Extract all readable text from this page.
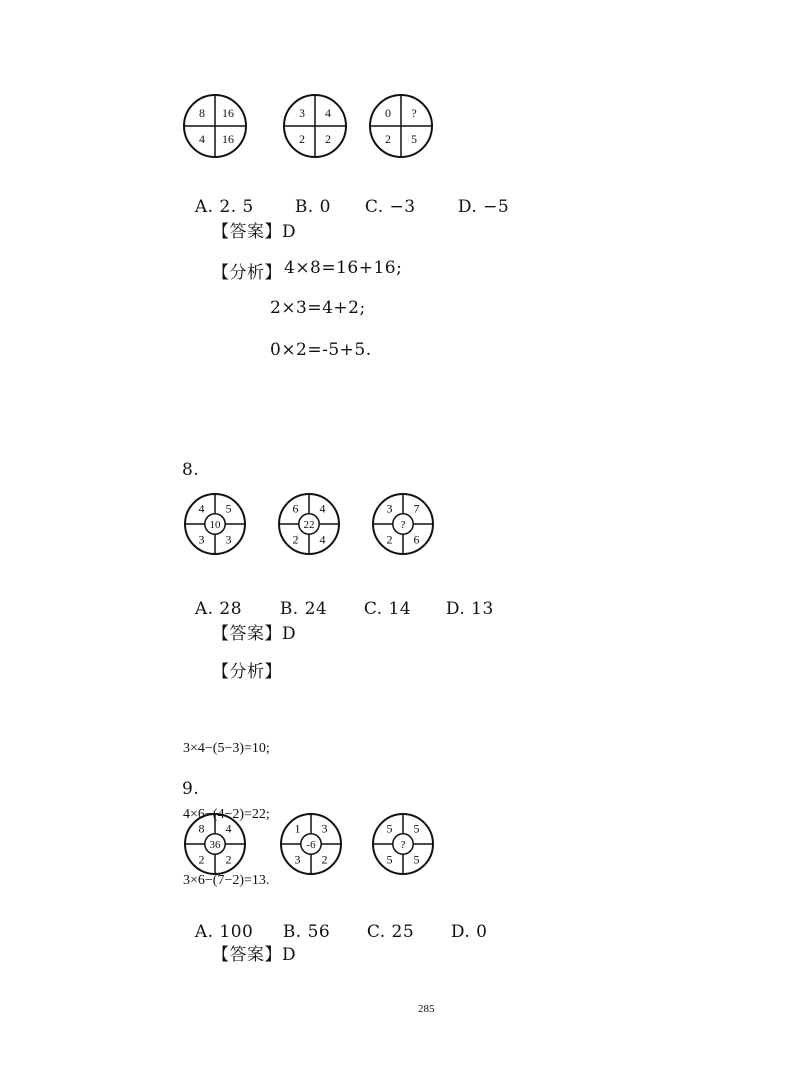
8 16
4 16
3 4
2 2
0 ?
2 5

A. 2. 5 B. 0 C. −3 D. −5

【答案】D
【分析】 4×8=16+16;
2×3=4+2;
0×2=-5+5.
8.
10
4 5
3 3
22
6 4
2 4
?
3 7
2 6

A. 28 B. 24 C. 14 D. 13

【答案】D
【分析】

3×4−(5−3)=10;

4×6−(4−2)=22;

3×6−(7−2)=13.

9.
36
8 4
2 2
-6
1 3
3 2
?
5 5
5 5

A. 100 B. 56 C. 25 D. 0

【答案】D
285
